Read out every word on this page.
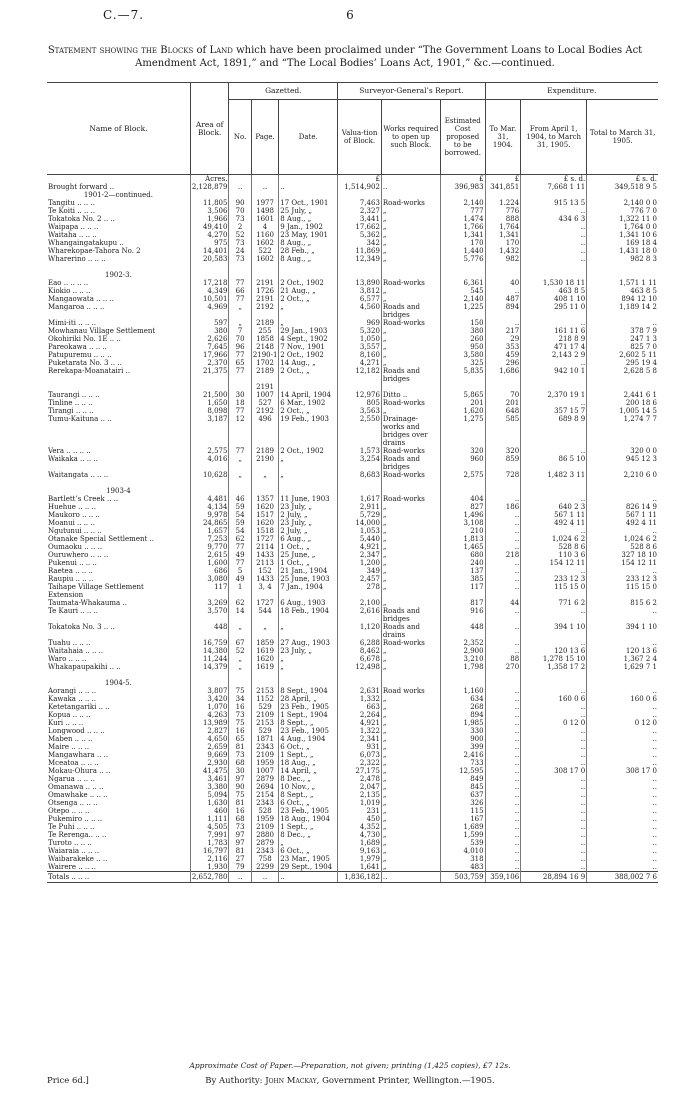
C.—7.	6
Statement showing the Blocks of Land which have been proclaimed under “The Government Loans to Local Bodies Act Amendment Act, 1891,” and “The Local Bodies’ Loans Act, 1901,” &c.—continued.
Name of Block.	Area of Block.	Gazetted.			Surveyor-General’s Report.			Expenditure.		
		No.	Page.	Date.	Valua-tion of Block.	Works required to open up such Block.	Estimated Cost proposed to be borrowed.	To Mar. 31, 1904.	From April 1, 1904, to March 31, 1905.	Total to March 31, 1905.
	Acres.				£		£	£	£ s. d.	£ s. d.
Brought forward ..	2,128,879	..	..	..	1,514,902	..	396,983	341,851	7,668 1 11	349,518 9 5
1901-2—continued.										
Tangitu .. .. ..	11,805	90	1977	17 Oct., 1901	7,463	Road-works	2,140	1.224	915 13 5	2,140 0 0
Te Koiti .. .. ..	3,506	70	1498	25 July, „	2,327	„	777	776	..	776 7 0
Tokatoka No. 2 .. ..	1,966	73	1601	8 Aug., „	3,441	„	1,474	888	434 6 3	1,322 11 0
Waipapa .. .. ..	49,410	2	4	9 Jan., 1902	17,662	„	1,766	1,764	..	1,764 0 0
Waitaha .. .. ..	4,270	52	1160	23 May, 1901	5,362	„	1,341	1,341	..	1,341 10 6
Whangaingatakupu ..	975	73	1602	8 Aug., „	342	„	170	170	..	169 18 4
Wharekopae-Tahora No. 2	14,401	24	522	28 Feb., „	11,869	„	1,440	1,432	..	1,431 18 0
Wharerino .. .. ..	20,583	73	1602	8 Aug., „	12,349	„	5,776	982	..	982 8 3

1902-3.										
Eao .. .. .. ..	17,218	77	2191	2 Oct., 1902	13,890	Road-works	6,361	40	1,530 18 11	1,571 1 11
Kiokio .. .. ..	4,349	66	1726	21 Aug., „	3,812	„	545	..	463 8 5	463 8 5
Mangaowata .. .. ..	10,501	77	2191	2 Oct., „	6,577	„	2,140	487	408 1 10	894 12 10
Mangaroa .. .. ..	4,969	„	2192	„	4,560	Roads and	1,225	894	295 11 0	1,189 14 2
						bridges				
Mimi-iti .. .. ..	597	„	2189	„	969	Road-works	150	..	..	..
Mowhanau Village Settlement	380	7	255	29 Jan., 1903	5,320	„	380	217	161 11 6	378 7 9
Okohiriki No. 1E .. ..	2,626	70	1858	4 Sept., 1902	1,050	„	260	29	218 8 9	247 1 3
Pareokawa .. .. ..	7,645	96	2148	7 Nov., 1901	3,557	„	950	353	471 17 4	825 7 0
Patupuremu .. .. ..	17,966	77	2190-1	2 Oct., 1902	8,160	„	3,580	459	2,143 2 9	2,602 5 11
Puketarata No. 3 .. ..	2,370	65	1702	14 Aug., „	4,271	„	325	296	..	295 19 4
Rerekapa-Moanatairi ..	21,375	77	2189	2 Oct., „	12,182	Roads and	5,835	1,686	942 10 1	2,628 5 8
						bridges				
			2191							
Taurangi .. .. ..	21,500	30	1007	14 April, 1904	12,976	Ditto ..	5,865	70	2,370 19 1	2,441 6 1
Tinline .. .. ..	1,650	18	527	6 Mar., 1902	805	Road-works	201	201	..	200 18 6
Tirangi .. .. ..	8,098	77	2192	2 Oct., „	3,563	„	1,620	648	357 15 7	1,005 14 5
Tumu-Kaituna .. ..	3,187	12	496	19 Feb., 1903	2,550	Drainage-	1,275	585	689 8 9	1,274 7 7
						works and				
						bridges over				
						drains				
Vera .. .. .. ..	2,575	77	2189	2 Oct., 1902	1,573	Road-works	320	320	..	320 0 0
Waikaka .. .. ..	4,016	„	2190	„	3,254	Roads and	960	859	86 5 10	945 12 3
						bridges				
Waitangata .. .. ..	10,628	„	„	„	8,683	Road-works	2,575	728	1,482 3 11	2,210 6 0

1903-4										
Bartlett’s Creek .. ..	4,481	46	1357	11 June, 1903	1,617	Road-works	404	..	..	..
Huehue .. .. ..	4,134	59	1620	23 July, „	2,911	„	827	186	640 2 3	826 14 9
Maukoro .. .. ..	9,978	54	1517	2 July, „	5,729	„	1,496	..	567 1 11	567 1 11
Moanui .. .. ..	24,865	59	1620	23 July, „	14,000	„	3,108	..	492 4 11	492 4 11
Ngutunui .. .. ..	1,657	54	1518	2 July, „	1,053	„	210	..	..	..
Otanake Special Settlement ..	7,253	62	1727	6 Aug., „	5,440	„	1,813	..	1,024 6 2	1,024 6 2
Oumaoku .. .. ..	9,770	77	2114	1 Oct., „	4,921	„	1,465	..	528 8 6	528 8 6
Ouruwhero .. .. ..	2,615	49	1433	25 June, „	2,347	„	680	218	110 3 6	327 18 10
Pukenui .. .. ..	1,600	77	2113	1 Oct., „	1,200	„	240	..	154 12 11	154 12 11
Raetea .. .. ..	686	5	152	21 Jan., 1904	349	„	137	..	..	..
Raupiu .. .. ..	3,080	49	1433	25 June, 1903	2,457	„	385	..	233 12 3	233 12 3
Taihape Village Settlement	117	1	3, 4	7 Jan., 1904	278	„	117	..	115 15 0	115 15 0
Extension										
Taumata-Whakauma ..	3,269	62	1727	6 Aug., 1903	2,100	„	817	44	771 6 2	815 6 2
Te Kauri .. .. ..	3,570	14	544	18 Feb., 1904	2,616	Roads and	916	..	..	..
						bridges				
Tokatoka No. 3 .. ..	448	„	„	„	1,120	Roads and	448	..	394 1 10	394 1 10
						drains				
Tuahu .. .. ..	16,759	67	1859	27 Aug., 1903	6,288	Road-works	2,352	..	..	..
Waitahaia .. .. ..	14,380	52	1619	23 July, „	8,462	„	2,900	..	120 13 6	120 13 6
Waro .. .. ..	11,244	„	1620	„	6,678	„	3,210	88	1,278 15 10	1,367 2 4
Whakapaupakihi .. ..	14,379	„	1619	„	12,498	„	1,798	270	1,358 17 2	1,629 7 1

1904-5.										
Aorangi .. .. ..	3,807	75	2153	8 Sept., 1904	2,631	Road works	1,160	..	..	..
Kawaka .. .. ..	3,420	34	1152	28 April, „	1,332	„	634	..	160 0 6	160 0 6
Ketetangariki .. ..	1,070	16	529	23 Feb., 1905	663	„	268	..	..	..
Kopua .. .. ..	4,263	73	2109	1 Sept., 1904	2,264	„	894	..	..	..
Kuri .. .. ..	13,989	75	2153	8 Sept., „	4,921	„	1,985	..	0 12 0	0 12 0
Longwood .. .. ..	2,827	16	529	23 Feb., 1905	1,322	„	330	..	..	..
Maben .. .. ..	4,650	65	1871	4 Aug., 1904	2,341	„	900	..	..	..
Maire .. .. ..	2,659	81	2343	6 Oct., „	931	„	399	..	..	..
Mangawhara .. ..	9,669	73	2109	1 Sept., „	6,073	„	2,416	..	..	..
Mceatoa .. .. ..	2,930	68	1959	18 Aug., „	2,322	„	733	..	..	..
Mokau-Ohura .. ..	41,475	30	1007	14 April, „	27,175	„	12,595	..	308 17 0	308 17 0
Ngarua .. .. ..	3,461	97	2879	8 Dec., „	2,478	„	849	..	..	..
Omanawa .. .. ..	3,380	90	2694	10 Nov., „	2,047	„	845	..	..	..
Omawhake .. .. ..	5,094	75	2154	8 Sept., „	2,135	„	637	..	..	..
Otsenga .. .. ..	1,630	81	2343	6 Oct., „	1,019	„	326	..	..	..
Otepo .. .. ..	460	16	528	23 Feb., 1905	231	„	115	..	..	..
Pukemiro .. .. ..	1,111	68	1959	18 Aug., 1904	450	„	167	..	..	..
Te Puhi .. .. ..	4,505	73	2109	1 Sept., „	4,352	„	1,689	..	..	..
Te Rerenga.. .. ..	7,991	97	2880	8 Dec., „	4,730	„	1,599	..	..	..
Turoto .. .. ..	1,783	97	2879	„	1,689	„	539	..	..	..
Waiaraia .. .. ..	16,797	81	2343	6 Oct., „	9,163	„	4,010	..	..	..
Waibarakeke .. ..	2,116	27	758	23 Mar., 1905	1,979	„	318	..	..	..
Wairere .. .. ..	1,930	79	2299	29 Sept., 1904	1,641	„	483	..	..	..
Totals .. .. ..	2,652,780	..	..	..	1,836,182	..	503,759	359,106	28,894 16 9	388,002 7 6
Approximate Cost of Paper.—Preparation, not given; printing (1,425 copies), £7 12s.
Price 6d.]	By Authority: John Mackay, Government Printer, Wellington.—1905.
